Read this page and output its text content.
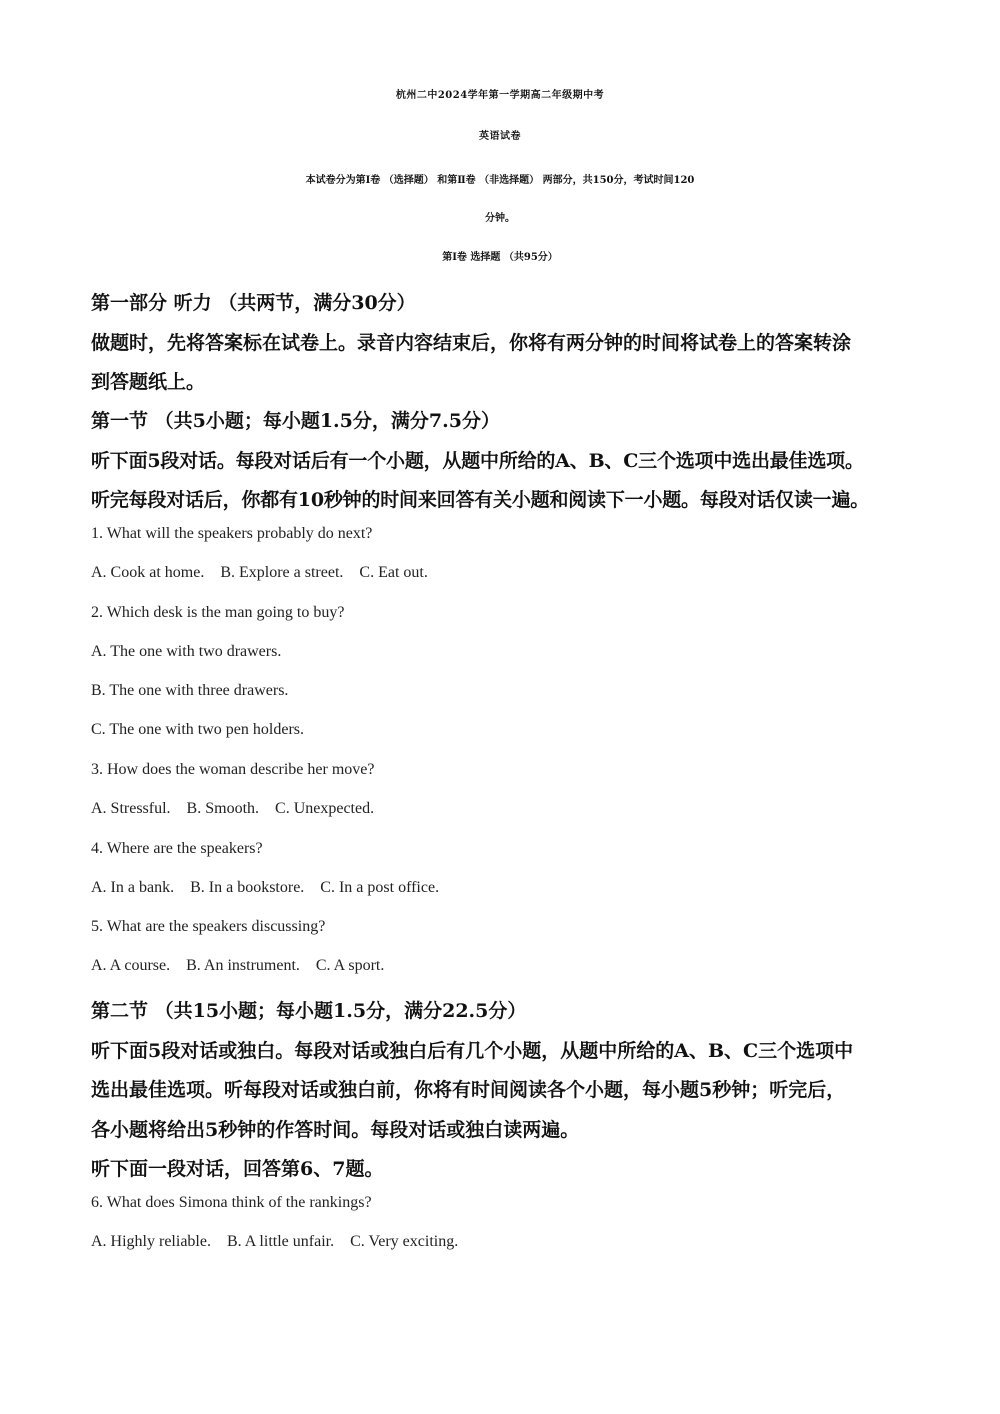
杭州二中2024学年第一学期高二年级期中考
英语试卷
本试卷分为第Ⅰ卷 （选择题） 和第Ⅱ卷 （非选择题） 两部分，共150分，考试时间120
分钟。
第Ⅰ卷 选择题 （共95分）
第一部分 听力 （共两节，满分30分）
做题时，先将答案标在试卷上。录音内容结束后，你将有两分钟的时间将试卷上的答案转涂
到答题纸上。
第一节 （共5小题；每小题1.5分，满分7.5分）
听下面5段对话。每段对话后有一个小题，从题中所给的A、B、C三个选项中选出最佳选项。
听完每段对话后，你都有10秒钟的时间来回答有关小题和阅读下一小题。每段对话仅读一遍。
1. What will the speakers probably do next?
A. Cook at home.    B. Explore a street.    C. Eat out.
2. Which desk is the man going to buy?
A. The one with two drawers.
B. The one with three drawers.
C. The one with two pen holders.
3. How does the woman describe her move?
A. Stressful.    B. Smooth.    C. Unexpected.
4. Where are the speakers?
A. In a bank.    B. In a bookstore.    C. In a post office.
5. What are the speakers discussing?
A. A course.    B. An instrument.    C. A sport.
第二节 （共15小题；每小题1.5分，满分22.5分）
听下面5段对话或独白。每段对话或独白后有几个小题，从题中所给的A、B、C三个选项中
选出最佳选项。听每段对话或独白前，你将有时间阅读各个小题，每小题5秒钟；听完后，
各小题将给出5秒钟的作答时间。每段对话或独白读两遍。
听下面一段对话，回答第6、7题。
6. What does Simona think of the rankings?
A. Highly reliable.    B. A little unfair.    C. Very exciting.
